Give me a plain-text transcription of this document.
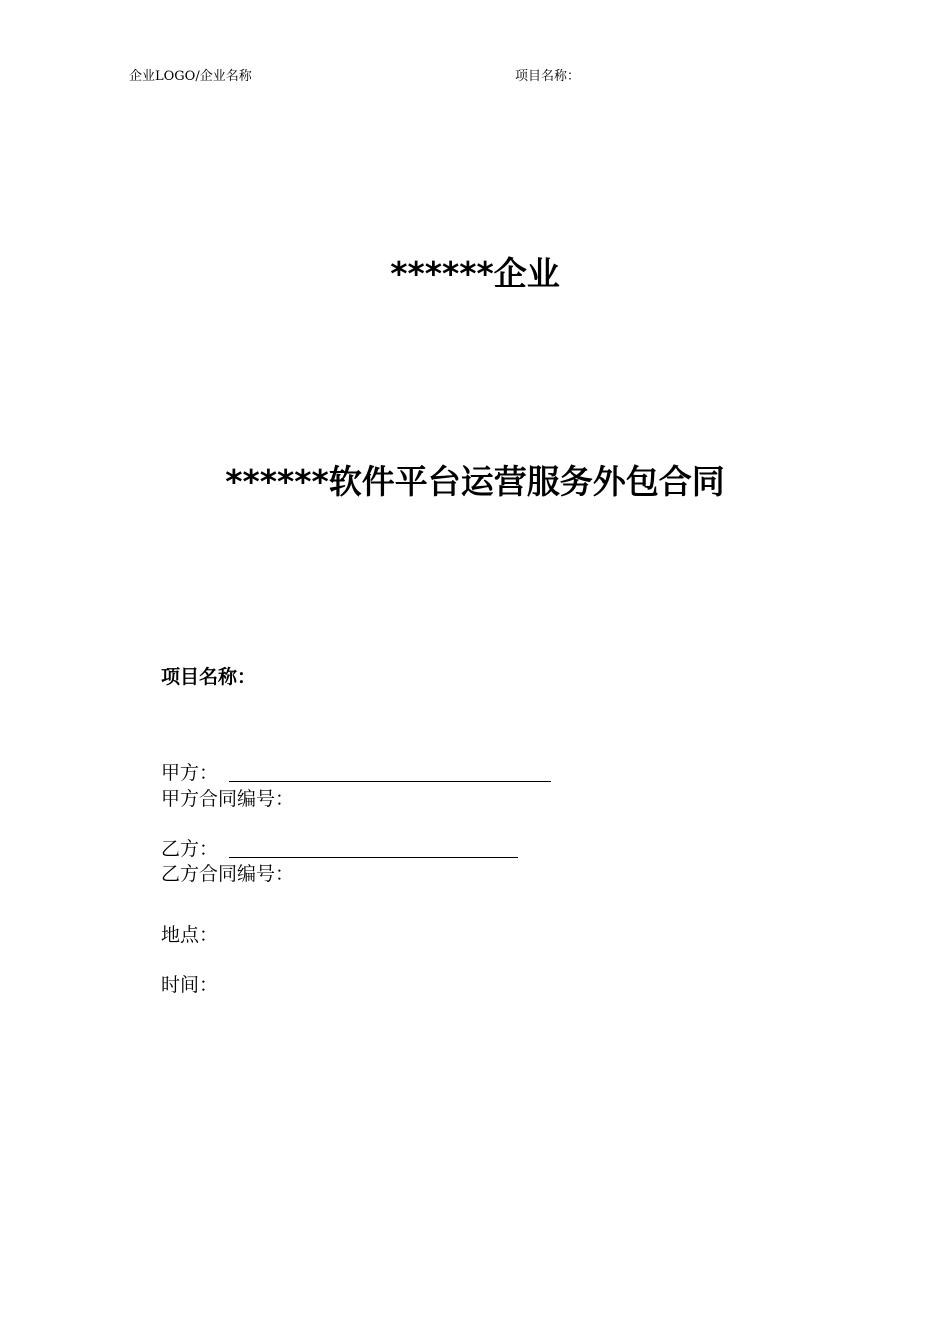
企业LOGO/企业名称	项目名称：
******企业
******软件平台运营服务外包合同
项目名称：
甲方：
甲方合同编号：
乙方：
乙方合同编号：
地点：
时间：
